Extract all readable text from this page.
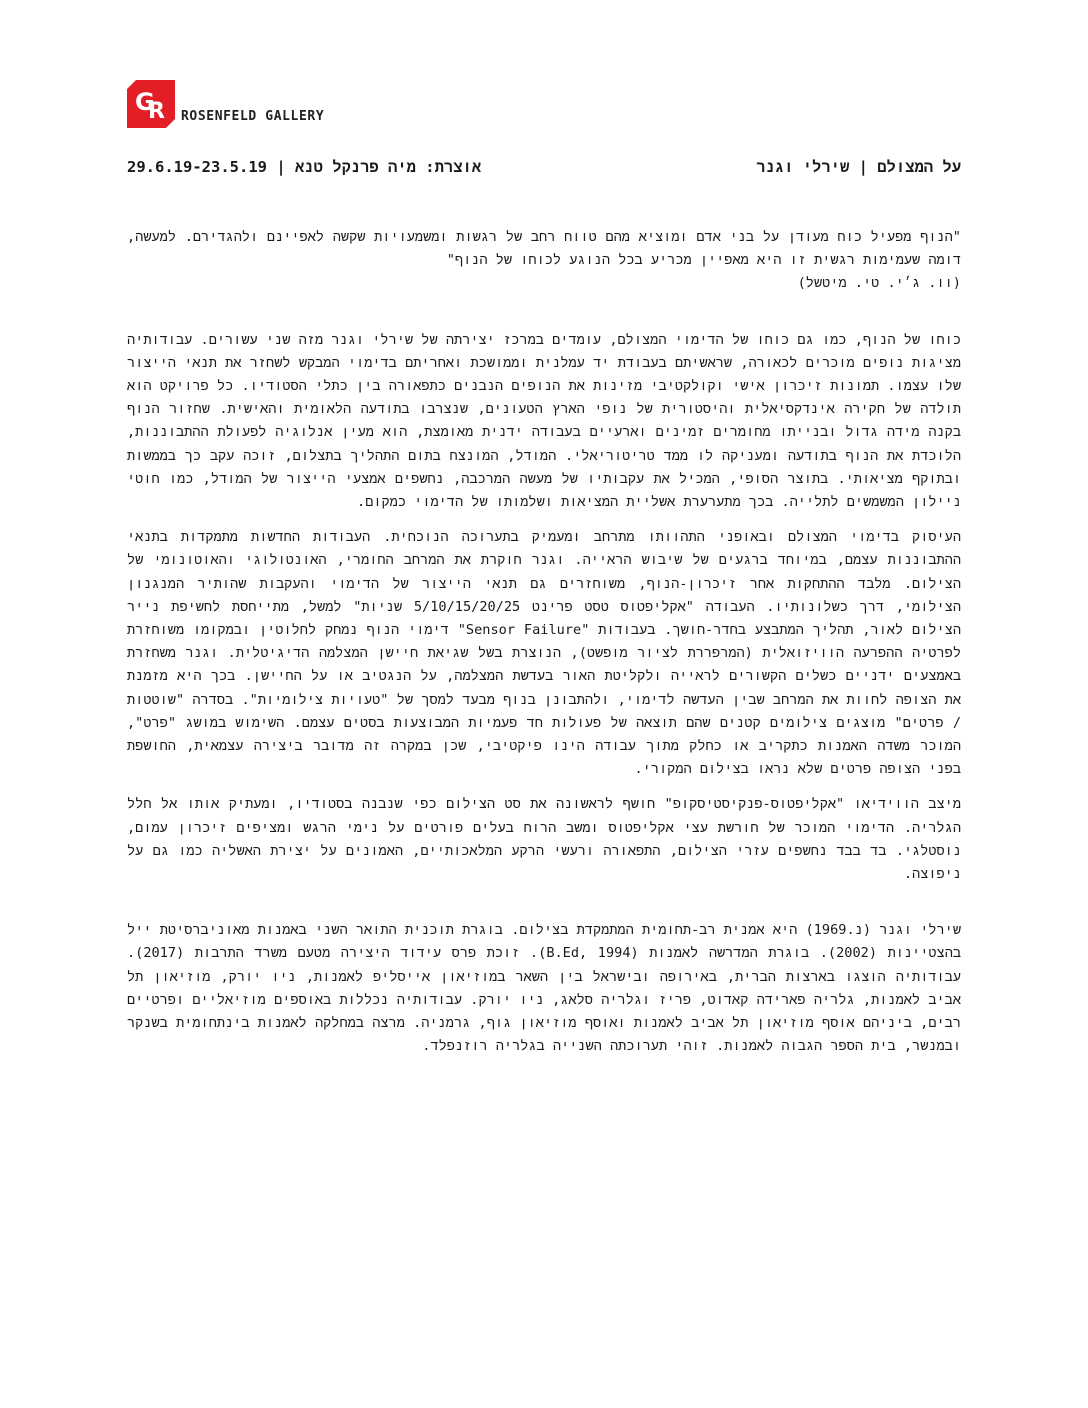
G
R ROSENFELD GALLERY
על המצולם | שירלי וגנר
אוצרת: מיה פרנקל טנא | 29.6.19-23.5.19

"הנוף מפעיל כוח מעודן על בני אדם ומוציא מהם טווח רחב של רגשות ומשמעויות שקשה לאפיינם ולהגדירם. למעשה, דומה שעמימות רגשית זו היא מאפיין מכריע בכל הנוגע לכוחו של הנוף"

(וו. ג׳י. טי. מיטשל)

כוחו של הנוף, כמו גם כוחו של הדימוי המצולם, עומדים במרכז יצירתה של שירלי וגנר מזה שני עשורים. עבודותיה מציגות נופים מוכרים לכאורה, שראשיתם בעבודת יד עמלנית וממושכת ואחריתם בדימוי המבקש לשחזר את תנאי הייצור שלו עצמו. תמונות זיכרון אישי וקולקטיבי מזינות את הנופים הנבנים כתפאורה בין כתלי הסטודיו. כל פרויקט הוא תולדה של חקירה אינדקסיאלית והיסטורית של נופי הארץ הטעונים, שנצרבו בתודעה הלאומית והאישית. שחזור הנוף בקנה מידה גדול ובנייתו מחומרים זמינים וארעיים בעבודה ידנית מאומצת, הוא מעין אנלוגיה לפעולת ההתבוננות, הלוכדת את הנוף בתודעה ומעניקה לו ממד טריטוריאלי. המודל, המונצח בתום התהליך בתצלום, זוכה עקב כך בממשות ובתוקף מציאותי. בתוצר הסופי, המכיל את עקבותיו של מעשה המרכבה, נחשפים אמצעי הייצור של המודל, כמו חוטי ניילון המשמשים לתלייה. בכך מתערערת אשליית המציאות ושלמותו של הדימוי כמקום.

העיסוק בדימוי המצולם ובאופני התהוותו מתרחב ומעמיק בתערוכה הנוכחית. העבודות החדשות מתמקדות בתנאי ההתבוננות עצמם, במיוחד ברגעים של שיבוש הראייה. וגנר חוקרת את המרחב החומרי, האונטולוגי והאוטונומי של הצילום. מלבד ההתחקות אחר זיכרון-הנוף, משוחזרים גם תנאי הייצור של הדימוי והעקבות שהותיר המנגנון הצילומי, דרך כשלונותיו. העבודה "אקליפטוס טסט פרינט 5/10/15/20/25 שניות" למשל, מתייחסת לחשיפת נייר הצילום לאור, תהליך המתבצע בחדר-חושך. בעבודות "Sensor Failure" דימוי הנוף נמחק לחלוטין ובמקומו משוחזרת לפרטיה ההפרעה הוויזואלית (המרפררת לציור מופשט), הנוצרת בשל שגיאת חיישן המצלמה הדיגיטלית. וגנר משחזרת באמצעים ידניים כשלים הקשורים לראייה ולקליטת האור בעדשת המצלמה, על הנגטיב או על החיישן. בכך היא מזמנת את הצופה לחוות את המרחב שבין העדשה לדימוי, ולהתבונן בנוף מבעד למסך של "טעויות צילומיות". בסדרה "שוטטות / פרטים" מוצגים צילומים קטנים שהם תוצאה של פעולות חד פעמיות המבוצעות בסטים עצמם. השימוש במושג "פרט", המוכר משדה האמנות כתקריב או כחלק מתוך עבודה הינו פיקטיבי, שכן במקרה זה מדובר ביצירה עצמאית, החושפת בפני הצופה פרטים שלא נראו בצילום המקורי.

מיצב הווידיאו "אקליפטוס-פנקיסטיסקופ" חושף לראשונה את סט הצילום כפי שנבנה בסטודיו, ומעתיק אותו אל חלל הגלריה. הדימוי המוכר של חורשת עצי אקליפטוס ומשב הרוח בעלים פורטים על נימי הרגש ומציפים זיכרון עמום, נוסטלגי. בד בבד נחשפים עזרי הצילום, התפאורה ורעשי הרקע המלאכותיים, האמונים על יצירת האשליה כמו גם על ניפוצה.

שירלי וגנר (נ.1969) היא אמנית רב-תחומית המתמקדת בצילום. בוגרת תוכנית התואר השני באמנות מאוניברסיטת ייל בהצטיינות (2002). בוגרת המדרשה לאמנות (B.Ed, 1994). זוכת פרס עידוד היצירה מטעם משרד התרבות (2017). עבודותיה הוצגו בארצות הברית, באירופה ובישראל בין השאר במוזיאון אייסליפ לאמנות, ניו יורק, מוזיאון תל אביב לאמנות, גלריה פארידה קאדוט, פריז וגלריה סלאג, ניו יורק. עבודותיה נכללות באוספים מוזיאליים ופרטיים רבים, ביניהם אוסף מוזיאון תל אביב לאמנות ואוסף מוזיאון גוף, גרמניה. מרצה במחלקה לאמנות בינתחומית בשנקר ובמנשר, בית הספר הגבוה לאמנות. זוהי תערוכתה השנייה בגלריה רוזנפלד.
